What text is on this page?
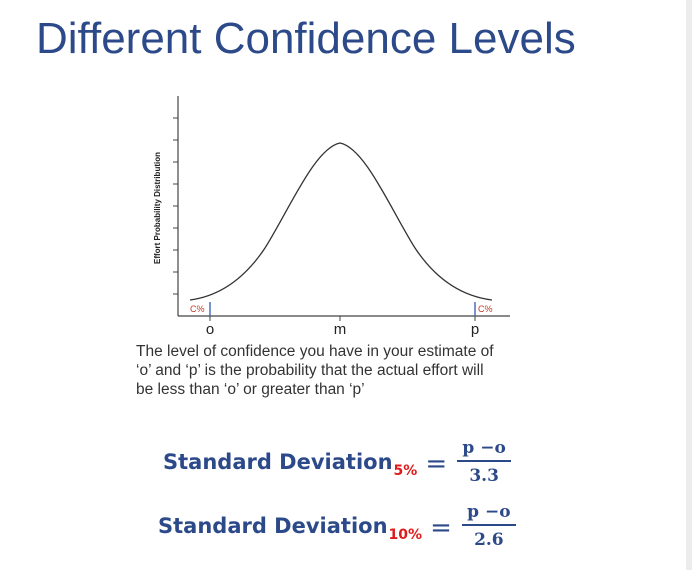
Different Confidence Levels
Effort Probability Distribution
C%	C%
o	m	p
The level of confidence you have in your estimate of
‘o’ and ‘p’ is the probability that the actual effort will
be less than ‘o’ or greater than ‘p’
Standard Deviation $5\% = \frac{p -o}{3.3}$
Standard Deviation $10\% = \frac{p -o}{2.6}$
